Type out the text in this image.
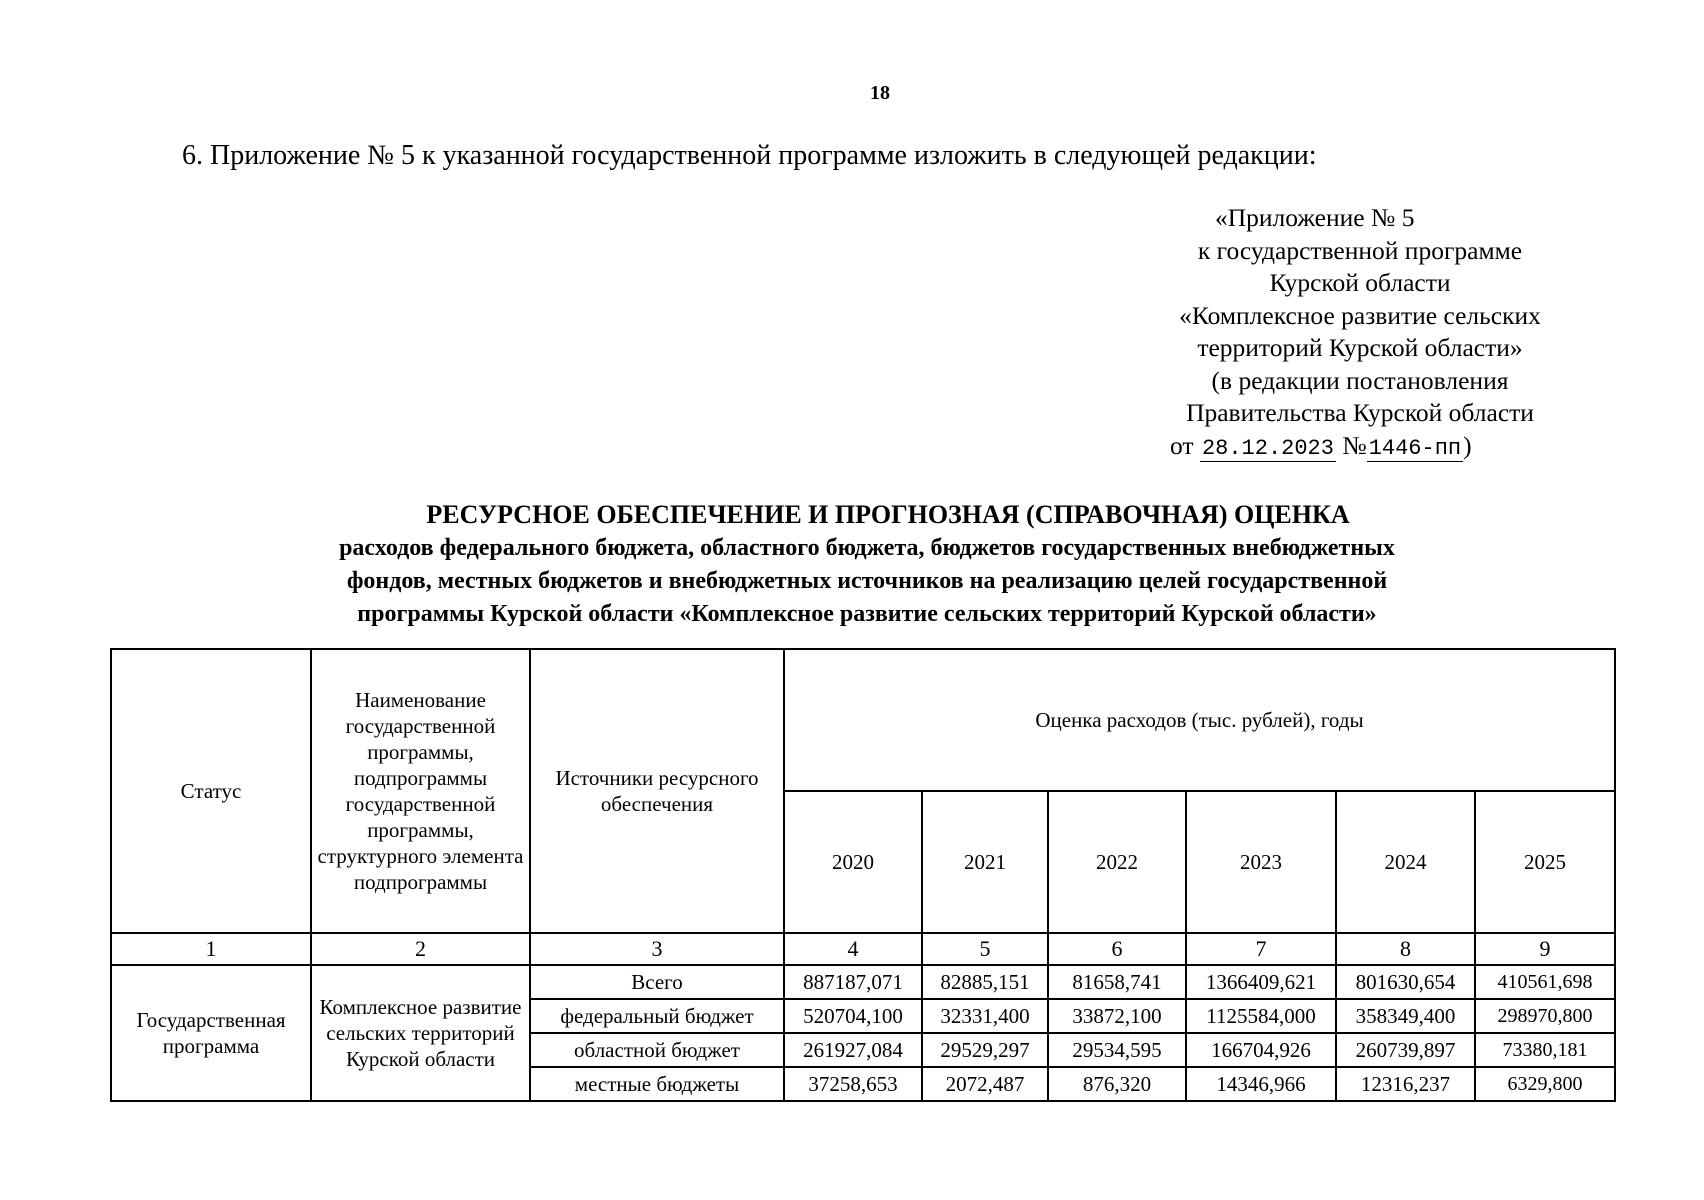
18
6. Приложение № 5 к указанной государственной программе изложить в следующей редакции:
«Приложение № 5
к государственной программе
Курской области
«Комплексное развитие сельских
территорий Курской области»
(в редакции постановления
Правительства Курской области
от 28.12.2023 №1446-пп)
РЕСУРСНОЕ ОБЕСПЕЧЕНИЕ И ПРОГНОЗНАЯ (СПРАВОЧНАЯ) ОЦЕНКА
расходов федерального бюджета, областного бюджета, бюджетов государственных внебюджетных
фондов, местных бюджетов и внебюджетных источников на реализацию целей государственной
программы Курской области «Комплексное развитие сельских территорий Курской области»
Статус	Наименование государственной программы, подпрограммы государственной программы, структурного элемента подпрограммы	Источники ресурсного обеспечения	Оценка расходов (тыс. рублей), годы					
			2020	2021	2022	2023	2024	2025
1	2	3	4	5	6	7	8	9
Государственная программа	Комплексное развитие сельских территорий Курской области	Всего	887187,071	82885,151	81658,741	1366409,621	801630,654	410561,698
		федеральный бюджет	520704,100	32331,400	33872,100	1125584,000	358349,400	298970,800
		областной бюджет	261927,084	29529,297	29534,595	166704,926	260739,897	73380,181
		местные бюджеты	37258,653	2072,487	876,320	14346,966	12316,237	6329,800
